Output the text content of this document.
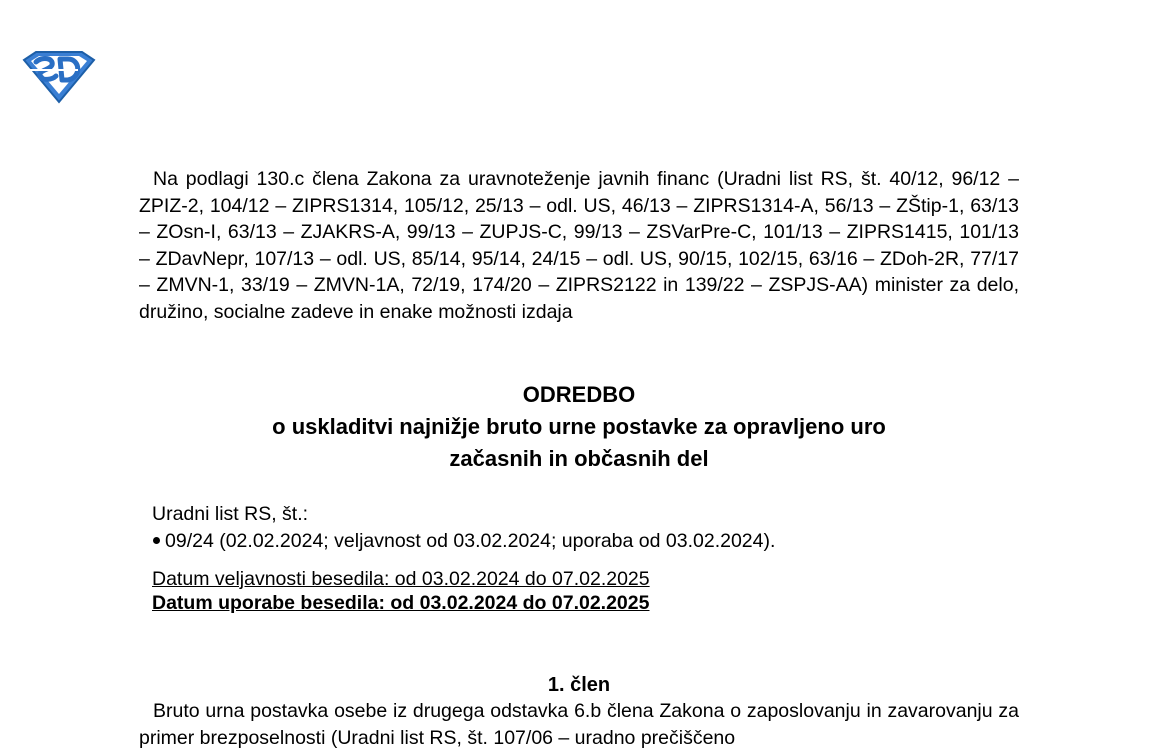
Na podlagi 130.c člena Zakona za uravnoteženje javnih financ (Uradni list RS, št. 40/12, 96/12 – ZPIZ-2, 104/12 – ZIPRS1314, 105/12, 25/13 – odl. US, 46/13 – ZIPRS1314-A, 56/13 – ZŠtip-1, 63/13 – ZOsn-I, 63/13 – ZJAKRS-A, 99/13 – ZUPJS-C, 99/13 – ZSVarPre-C, 101/13 – ZIPRS1415, 101/13 – ZDavNepr, 107/13 – odl. US, 85/14, 95/14, 24/15 – odl. US, 90/15, 102/15, 63/16 – ZDoh-2R, 77/17 – ZMVN-1, 33/19 – ZMVN-1A, 72/19, 174/20 – ZIPRS2122 in 139/22 – ZSPJS-AA) minister za delo, družino, socialne zadeve in enake možnosti izdaja

ODREDBO
o uskladitvi najnižje bruto urne postavke za opravljeno uro
začasnih in občasnih del
Uradni list RS, št.:
09/24 (02.02.2024; veljavnost od 03.02.2024; uporaba od 03.02.2024).
Datum veljavnosti besedila: od 03.02.2024 do 07.02.2025
Datum uporabe besedila: od 03.02.2024 do 07.02.2025
1. člen

Bruto urna postavka osebe iz drugega odstavka 6.b člena Zakona o zaposlovanju in zavarovanju za primer brezposelnosti (Uradni list RS, št. 107/06 – uradno prečiščeno
